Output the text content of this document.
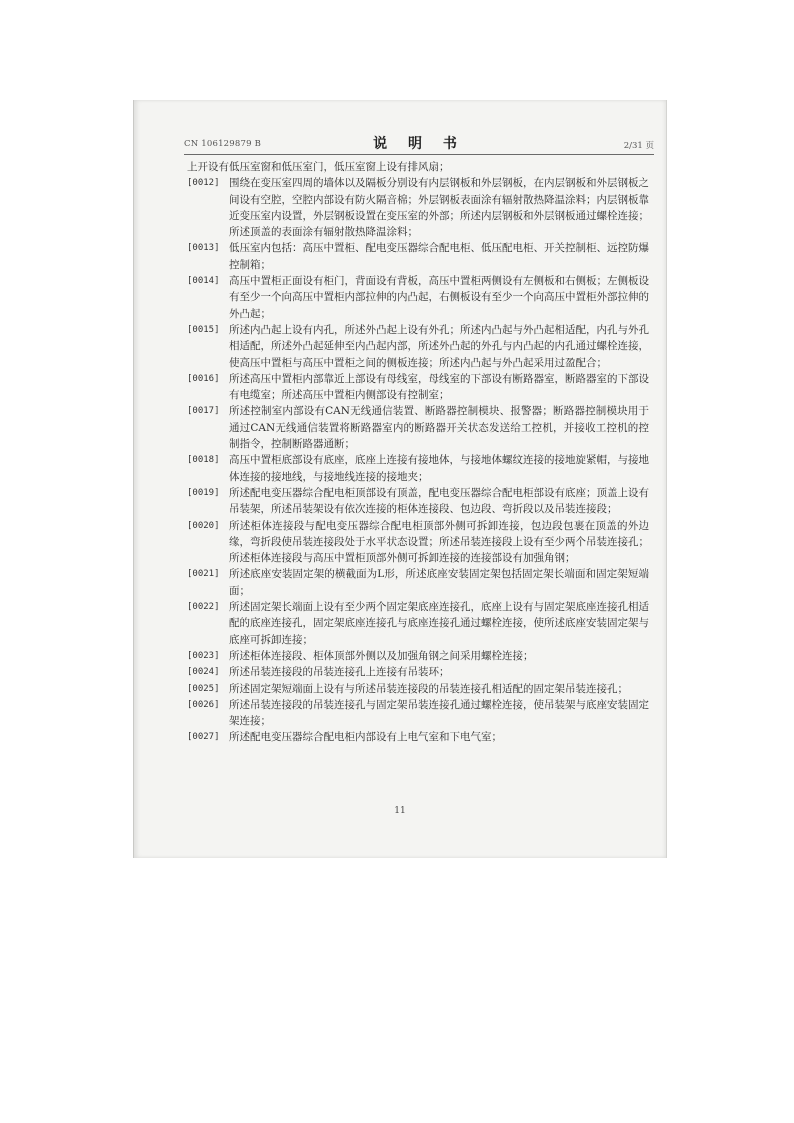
CN 106129879 B	说 明 书	2/31 页

上开设有低压室窗和低压室门，低压室窗上设有排风扇；

[0012] 围绕在变压室四周的墙体以及隔板分别设有内层钢板和外层钢板，在内层钢板和外层钢板之间设有空腔，空腔内部设有防火隔音棉；外层钢板表面涂有辐射散热降温涂料；内层钢板靠近变压室内设置，外层钢板设置在变压室的外部；所述内层钢板和外层钢板通过螺栓连接；所述顶盖的表面涂有辐射散热降温涂料；
[0013] 低压室内包括：高压中置柜、配电变压器综合配电柜、低压配电柜、开关控制柜、远控防爆控制箱；
[0014] 高压中置柜正面设有柜门，背面设有背板，高压中置柜两侧设有左侧板和右侧板；左侧板设有至少一个向高压中置柜内部拉伸的内凸起，右侧板设有至少一个向高压中置柜外部拉伸的外凸起；
[0015] 所述内凸起上设有内孔，所述外凸起上设有外孔；所述内凸起与外凸起相适配，内孔与外孔相适配，所述外凸起延伸至内凸起内部，所述外凸起的外孔与内凸起的内孔通过螺栓连接，使高压中置柜与高压中置柜之间的侧板连接；所述内凸起与外凸起采用过盈配合；
[0016] 所述高压中置柜内部靠近上部设有母线室，母线室的下部设有断路器室，断路器室的下部设有电缆室；所述高压中置柜内侧部设有控制室；
[0017] 所述控制室内部设有CAN无线通信装置、断路器控制模块、报警器；断路器控制模块用于通过CAN无线通信装置将断路器室内的断路器开关状态发送给工控机，并接收工控机的控制指令，控制断路器通断；
[0018] 高压中置柜底部设有底座，底座上连接有接地体，与接地体螺纹连接的接地旋紧帽，与接地体连接的接地线，与接地线连接的接地夹；
[0019] 所述配电变压器综合配电柜顶部设有顶盖，配电变压器综合配电柜部设有底座；顶盖上设有吊装架，所述吊装架设有依次连接的柜体连接段、包边段、弯折段以及吊装连接段；
[0020] 所述柜体连接段与配电变压器综合配电柜顶部外侧可拆卸连接，包边段包裹在顶盖的外边缘，弯折段使吊装连接段处于水平状态设置；所述吊装连接段上设有至少两个吊装连接孔；所述柜体连接段与高压中置柜顶部外侧可拆卸连接的连接部设有加强角钢；
[0021] 所述底座安装固定架的横截面为L形，所述底座安装固定架包括固定架长端面和固定架短端面；
[0022] 所述固定架长端面上设有至少两个固定架底座连接孔，底座上设有与固定架底座连接孔相适配的底座连接孔，固定架底座连接孔与底座连接孔通过螺栓连接，使所述底座安装固定架与底座可拆卸连接；
[0023] 所述柜体连接段、柜体顶部外侧以及加强角钢之间采用螺栓连接；
[0024] 所述吊装连接段的吊装连接孔上连接有吊装环；
[0025] 所述固定架短端面上设有与所述吊装连接段的吊装连接孔相适配的固定架吊装连接孔；
[0026] 所述吊装连接段的吊装连接孔与固定架吊装连接孔通过螺栓连接，使吊装架与底座安装固定架连接；
[0027] 所述配电变压器综合配电柜内部设有上电气室和下电气室；
11
